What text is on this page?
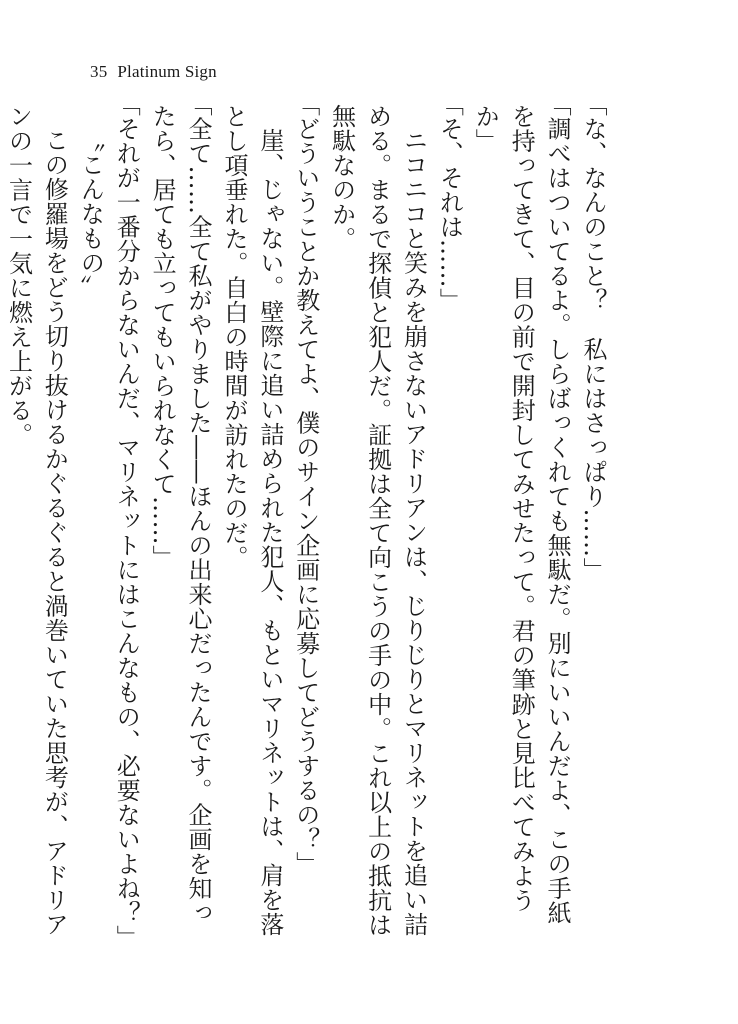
35 Platinum Sign

「な、なんのこと？　私にはさっぱり……」

「調べはついてるよ。しらばっくれても無駄だ。別にいいんだよ、この手紙を持ってきて、目の前で開封してみせたって。君の筆跡と見比べてみようか」

「そ、それは……」

ニコニコと笑みを崩さないアドリアンは、じりじりとマリネットを追い詰める。まるで探偵と犯人だ。証拠は全て向こうの手の中。これ以上の抵抗は無駄なのか。

「どういうことか教えてよ、僕のサイン企画に応募してどうするの？」

崖、じゃない。壁際に追い詰められた犯人、もといマリネットは、肩を落とし項垂れた。自白の時間が訪れたのだ。

「全て……全て私がやりました――ほんの出来心だったんです。企画を知ったら、居ても立ってもいられなくて……」

「それが一番分からないんだ、マリネットにはこんなもの、必要ないよね？」

〝こんなもの〟

この修羅場をどう切り抜けるかぐるぐると渦巻いていた思考が、アドリアンの一言で一気に燃え上がる。
